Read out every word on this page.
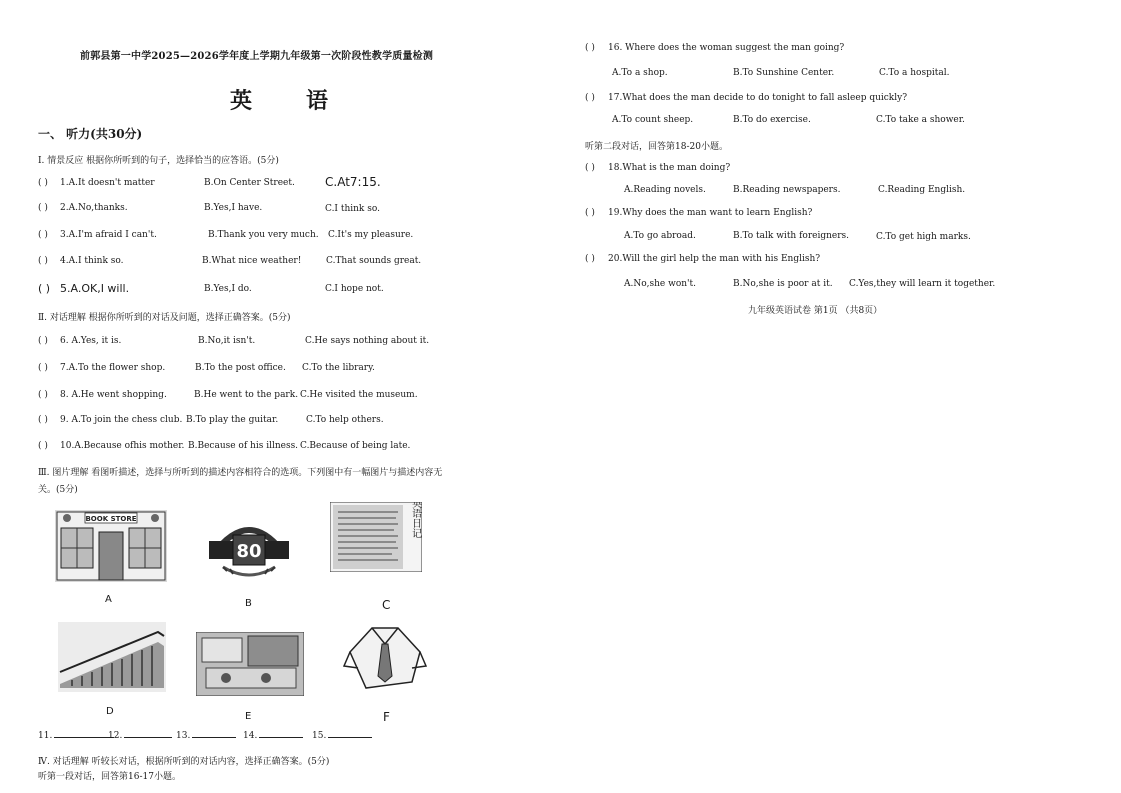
前郭县第一中学2025—2026学年度上学期九年级第一次阶段性教学质量检测
英 语
一、 听力(共30分)
I. 情景反应 根据你所听到的句子，选择恰当的应答语。(5分)
( ) 1.A.It doesn't matter	B.On Center Street.	C.At7:15.
( ) 2.A.No,thanks.	B.Yes,I have.	C.I think so.
( ) 3.A.I'm afraid I can't.	B.Thank you very much. C.It's my pleasure.
( ) 4.A.I think so.	B.What nice weather!	C.That sounds great.
( ) 5.A.OK,I will.	B.Yes,I do.	C.I hope not.
Ⅱ. 对话理解 根据你所听到的对话及问题，选择正确答案。(5分)
( ) 6. A.Yes, it is.	B.No,it isn't.	C.He says nothing about it.
( ) 7.A.To the flower shop.	B.To the post office. C.To the library.
( ) 8. A.He went shopping.	B.He went to the park. C.He visited the museum.
( ) 9. A.To join the chess club. B.To play the guitar.	C.To help others.
( ) 10.A.Because ofhis mother. B.Because of his illness. C.Because of being late.
Ⅲ. 图片理解 看图听描述，选择与所听到的描述内容相符合的选项。下列图中有一幅图片与描述内容无
关。(5分)
BOOK STORE
A
80
B
英语日记
C
D	E	F
11.	12.	13.	14.	15.
Ⅳ. 对话理解 听较长对话，根据所听到的对话内容，选择正确答案。(5分)
听第一段对话，回答第16-17小题。
( ) 16. Where does the woman suggest the man going?
A.To a shop.	B.To Sunshine Center.	C.To a hospital.
( ) 17.What does the man decide to do tonight to fall asleep quickly?
A.To count sheep.	B.To do exercise.	C.To take a shower.
听第二段对话，回答第18-20小题。
( ) 18.What is the man doing?
A.Reading novels.	B.Reading newspapers.	C.Reading English.
( ) 19.Why does the man want to learn English?
A.To go abroad.	B.To talk with foreigners.	C.To get high marks.
( ) 20.Will the girl help the man with his English?
A.No,she won't.	B.No,she is poor at it. C.Yes,they will learn it together.
九年级英语试卷 第1页 （共8页）
